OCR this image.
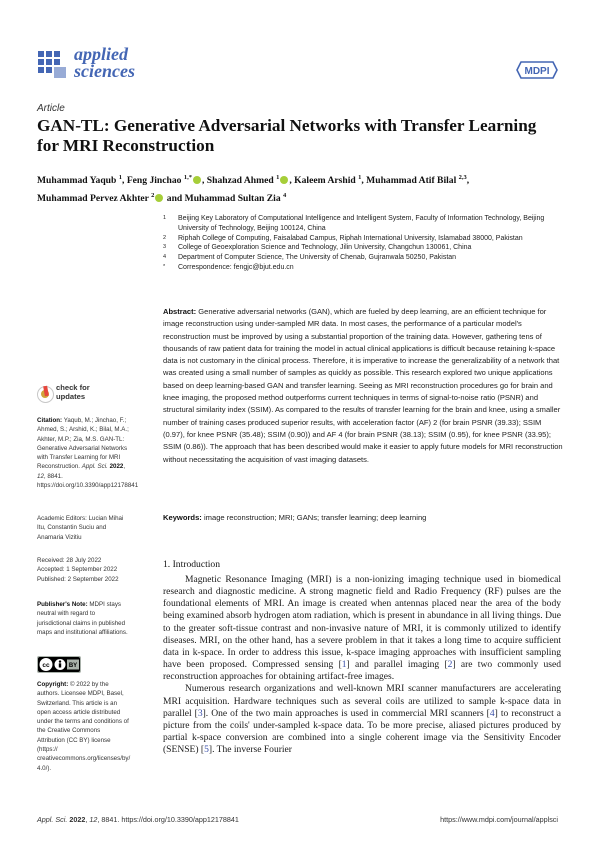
applied
sciences	MDPI
Article
GAN-TL: Generative Adversarial Networks with Transfer Learning for MRI Reconstruction
Muhammad Yaqub $^1$, Feng Jinchao $^{1,*}$ , Shahzad Ahmed $^1$ , Kaleem Arshid $^1$, Muhammad Atif Bilal $^{2,3}$,
Muhammad Pervez Akhter $^2$ and Muhammad Sultan Zia $^4$
1	Beijing Key Laboratory of Computational Intelligence and Intelligent System, Faculty of Information Technology, Beijing University of Technology, Beijing 100124, China
2	Riphah College of Computing, Faisalabad Campus, Riphah International University, Islamabad 38000, Pakistan
3	College of Geoexploration Science and Technology, Jilin University, Changchun 130061, China
4	Department of Computer Science, The University of Chenab, Gujranwala 50250, Pakistan
*	Correspondence: fengjc@bjut.edu.cn
Abstract: Generative adversarial networks (GAN), which are fueled by deep learning, are an efficient technique for image reconstruction using under-sampled MR data. In most cases, the performance of a particular model's reconstruction must be improved by using a substantial proportion of the training data. However, gathering tens of thousands of raw patient data for training the model in actual clinical applications is difficult because retaining k-space data is not customary in the clinical process. Therefore, it is imperative to increase the generalizability of a network that was created using a small number of samples as quickly as possible. This research explored two unique applications based on deep learning-based GAN and transfer learning. Seeing as MRI reconstruction procedures go for brain and knee imaging, the proposed method outperforms current techniques in terms of signal-to-noise ratio (PSNR) and structural similarity index (SSIM). As compared to the results of transfer learning for the brain and knee, using a smaller number of training cases produced superior results, with acceleration factor (AF) 2 (for brain PSNR (39.33); SSIM (0.97), for knee PSNR (35.48); SSIM (0.90)) and AF 4 (for brain PSNR (38.13); SSIM (0.95), for knee PSNR (33.95); SSIM (0.86)). The approach that has been described would make it easier to apply future models for MRI reconstruction without necessitating the acquisition of vast imaging datasets.
Keywords: image reconstruction; MRI; GANs; transfer learning; deep learning
check for
updates
Citation: Yaqub, M.; Jinchao, F.; Ahmed, S.; Arshid, K.; Bilal, M.A.; Akhter, M.P.; Zia, M.S. GAN-TL: Generative Adversarial Networks with Transfer Learning for MRI Reconstruction. Appl. Sci. 2022, 12, 8841. https://doi.org/10.3390/app12178841
Academic Editors: Lucian Mihai Itu, Constantin Suciu and Anamaria Vizitiu
Received: 28 July 2022
Accepted: 1 September 2022
Published: 2 September 2022
Publisher's Note: MDPI stays neutral with regard to jurisdictional claims in published maps and institutional affiliations.
cc	BY
Copyright: © 2022 by the authors. Licensee MDPI, Basel, Switzerland. This article is an open access article distributed under the terms and conditions of the Creative Commons Attribution (CC BY) license (https:// creativecommons.org/licenses/by/ 4.0/).
1. Introduction

Magnetic Resonance Imaging (MRI) is a non-ionizing imaging technique used in biomedical research and diagnostic medicine. A strong magnetic field and Radio Frequency (RF) pulses are the foundational elements of MRI. An image is created when antennas placed near the area of the body being examined absorb hydrogen atom radiation, which is present in abundance in all living things. Due to the greater soft-tissue contrast and non-invasive nature of MRI, it is commonly utilized to identify diseases. MRI, on the other hand, has a severe problem in that it takes a long time to acquire sufficient data in k-space. In order to address this issue, k-space imaging approaches with insufficient sampling have been proposed. Compressed sensing [1] and parallel imaging [2] are two commonly used reconstruction approaches for obtaining artifact-free images.

Numerous research organizations and well-known MRI scanner manufacturers are accelerating MRI acquisition. Hardware techniques such as several coils are utilized to sample k-space data in parallel [3]. One of the two main approaches is used in commercial MRI scanners [4] to reconstruct a picture from the coils' under-sampled k-space data. To be more precise, aliased pictures produced by partial k-space conversion are combined into a single coherent image via the Sensitivity Encoder (SENSE) [5]. The inverse Fourier

Appl. Sci. 2022, 12, 8841. https://doi.org/10.3390/app12178841	https://www.mdpi.com/journal/applsci
